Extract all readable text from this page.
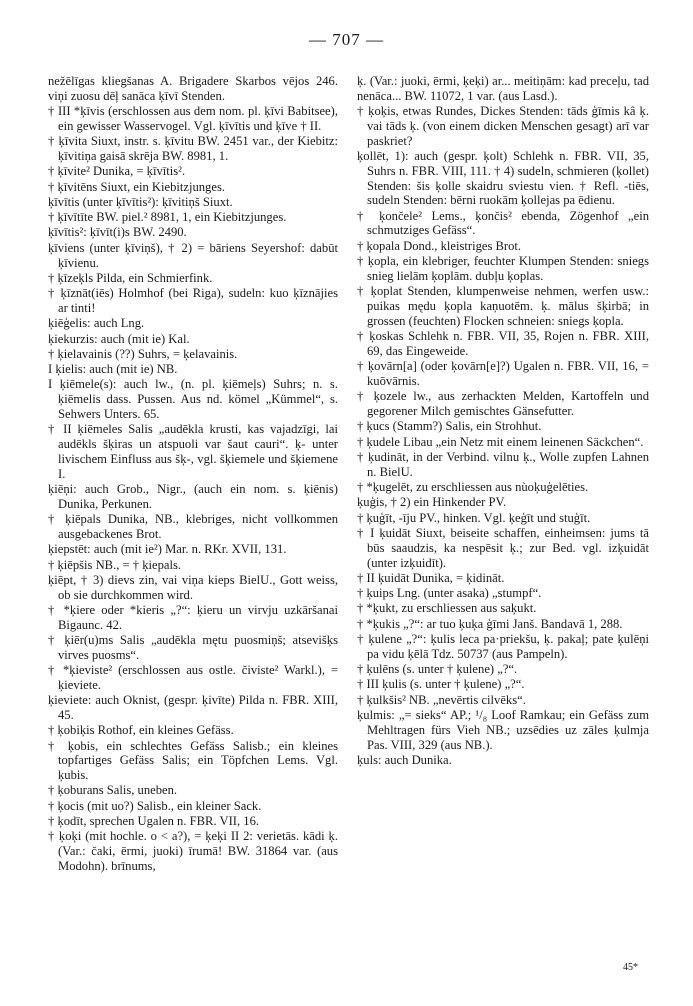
— 707 —

nežēlīgas kliegšanas A. Brigadere Skarbos vējos 246. viņi zuosu dēļ sanāca ķīvī Stenden.

† III *ķīvis (erschlossen aus dem nom. pl. ķīvi Babitsee), ein gewisser Wasservogel. Vgl. ķīvītis und ķīve † II.

† ķīvita Siuxt, instr. s. ķīvitu BW. 2451 var., der Kiebitz: ķīvitiņa gaisā skrēja BW. 8981, 1.

† ķīvite² Dunika, = ķīvītis².

† ķīvitēns Siuxt, ein Kiebitzjunges.

ķīvītis (unter ķīvītis²): ķīvitiņš Siuxt.

† ķīvītīte BW. piel.² 8981, 1, ein Kiebitzjunges.

ķīvītis²: ķīvīt(i)s BW. 2490.

ķīviens (unter ķīviņš), † 2) = bāriens Seyershof: dabūt ķīvienu.

† ķīzeķls Pilda, ein Schmierfink.

† ķīznāt(iēs) Holmhof (bei Riga), sudeln: kuo ķīznājies ar tinti!

ķiēģelis: auch Lng.

ķiekurzis: auch (mit ie) Kal.

† ķielavainis (??) Suhrs, = ķelavainis.

I ķielis: auch (mit ie) NB.

I ķiēmele(s): auch lw., (n. pl. ķiēmeļs) Suhrs; n. s. ķiēmelis dass. Pussen. Aus nd. kömel „Kümmel“, s. Sehwers Unters. 65.

† II ķiēmeles Salis „audēkla krusti, kas vajadzīgi, lai audēkls šķiras un atspuoli var šaut cauri“. ķ- unter livischem Einfluss aus šķ-, vgl. šķiemele und šķiemene I.

ķiēņi: auch Grob., Nigr., (auch ein nom. s. ķiēnis) Dunika, Perkunen.

† ķiēpals Dunika, NB., klebriges, nicht vollkommen ausgebackenes Brot.

ķiepstēt: auch (mit ie²) Mar. n. RKr. XVII, 131.

† ķiēpšis NB., = † ķiepals.

ķiēpt, † 3) dievs zin, vai viņa kieps BielU., Gott weiss, ob sie durchkommen wird.

† *ķiere oder *kieris „?“: ķieru un virvju uzkāršanai Bigaunc. 42.

† ķiēr(u)ms Salis „audēkla mętu puosmiņš; atsevišķs virves puosms“.

† *ķieviste² (erschlossen aus ostle. čiviste² Warkl.), = ķieviete.

ķieviete: auch Oknist, (gespr. ķivīte) Pilda n. FBR. XIII, 45.

† ķobiķis Rothof, ein kleines Gefäss.

† ķobis, ein schlechtes Gefäss Salisb.; ein kleines topfartiges Gefäss Salis; ein Töpfchen Lems. Vgl. ķubis.

† ķoburans Salis, uneben.

† ķocis (mit uo?) Salisb., ein kleiner Sack.

† ķodīt, sprechen Ugalen n. FBR. VII, 16.

† ķoķi (mit hochle. o < a?), = ķeķi II 2: verietās. kādi ķ. (Var.: čaki, ērmi, juoki) īrumā! BW. 31864 var. (aus Modohn). brīnums,

ķ. (Var.: juoki, ērmi, ķeķi) ar... meitiņām: kad preceļu, tad nenāca... BW. 11072, 1 var. (aus Lasd.).

† ķoķis, etwas Rundes, Dickes Stenden: tāds ģīmis kâ ķ. vai tāds ķ. (von einem dicken Menschen gesagt) arī var paskriet?

ķollēt, 1): auch (gespr. ķolt) Schlehk n. FBR. VII, 35, Suhrs n. FBR. VIII, 111. † 4) sudeln, schmieren (ķollet) Stenden: šis ķolle skaidru sviestu vien. † Refl. -tiēs, sudeln Stenden: bērni ruokām ķollejas pa ēdienu.

† ķončele² Lems., ķončis² ebenda, Zögenhof „ein schmutziges Gefäss“.

† ķopala Dond., kleistriges Brot.

† ķopla, ein klebriger, feuchter Klumpen Stenden: sniegs snieg lielām ķoplām. dubļu ķoplas.

† ķoplat Stenden, klumpenweise nehmen, werfen usw.: puikas mędu ķopla kaņuotēm. ķ. mālus šķirbā; in grossen (feuchten) Flocken schneien: sniegs ķopla.

† ķoskas Schlehk n. FBR. VII, 35, Rojen n. FBR. XIII, 69, das Eingeweide.

† ķovārn[a] (oder ķovārn[e]?) Ugalen n. FBR. VII, 16, = kuōvārnis.

† ķozele lw., aus zerhackten Melden, Kartoffeln und gegorener Milch gemischtes Gänsefutter.

† ķucs (Stamm?) Salis, ein Strohhut.

† ķudele Libau „ein Netz mit einem leinenen Säckchen“.

† ķudināt, in der Verbind. vilnu ķ., Wolle zupfen Lahnen n. BielU.

† *ķugelēt, zu erschliessen aus nùoķuģelēties.

ķuģis, † 2) ein Hinkender PV.

† ķuģīt, -īju PV., hinken. Vgl. ķeģīt und stuģīt.

† I ķuidāt Siuxt, beiseite schaffen, einheimsen: jums tā būs saaudzis, ka nespēsit ķ.; zur Bed. vgl. izķuidāt (unter izķuidīt).

† II ķuidāt Dunika, = ķidināt.

† ķuips Lng. (unter asaka) „stumpf“.

† *ķukt, zu erschliessen aus saķukt.

† *ķukis „?“: ar tuo ķuķa ģīmi Janš. Bandavā 1, 288.

† ķulene „?“: ķulis leca pa·priekšu, ķ. pakaļ; pate ķulēņi pa vidu ķēlā Tdz. 50737 (aus Pampeln).

† ķulēns (s. unter † ķulene) „?“.

† III ķulis (s. unter † ķulene) „?“.

† ķulkšis² NB. „nevērtis cilvēks“.

ķulmis: „= sieks“ AP.; ¹/₈ Loof Ramkau; ein Gefäss zum Mehltragen fürs Vieh NB.; uzsēdies uz zāles ķulmja Pas. VIII, 329 (aus NB.).

ķuls: auch Dunika.

45*
